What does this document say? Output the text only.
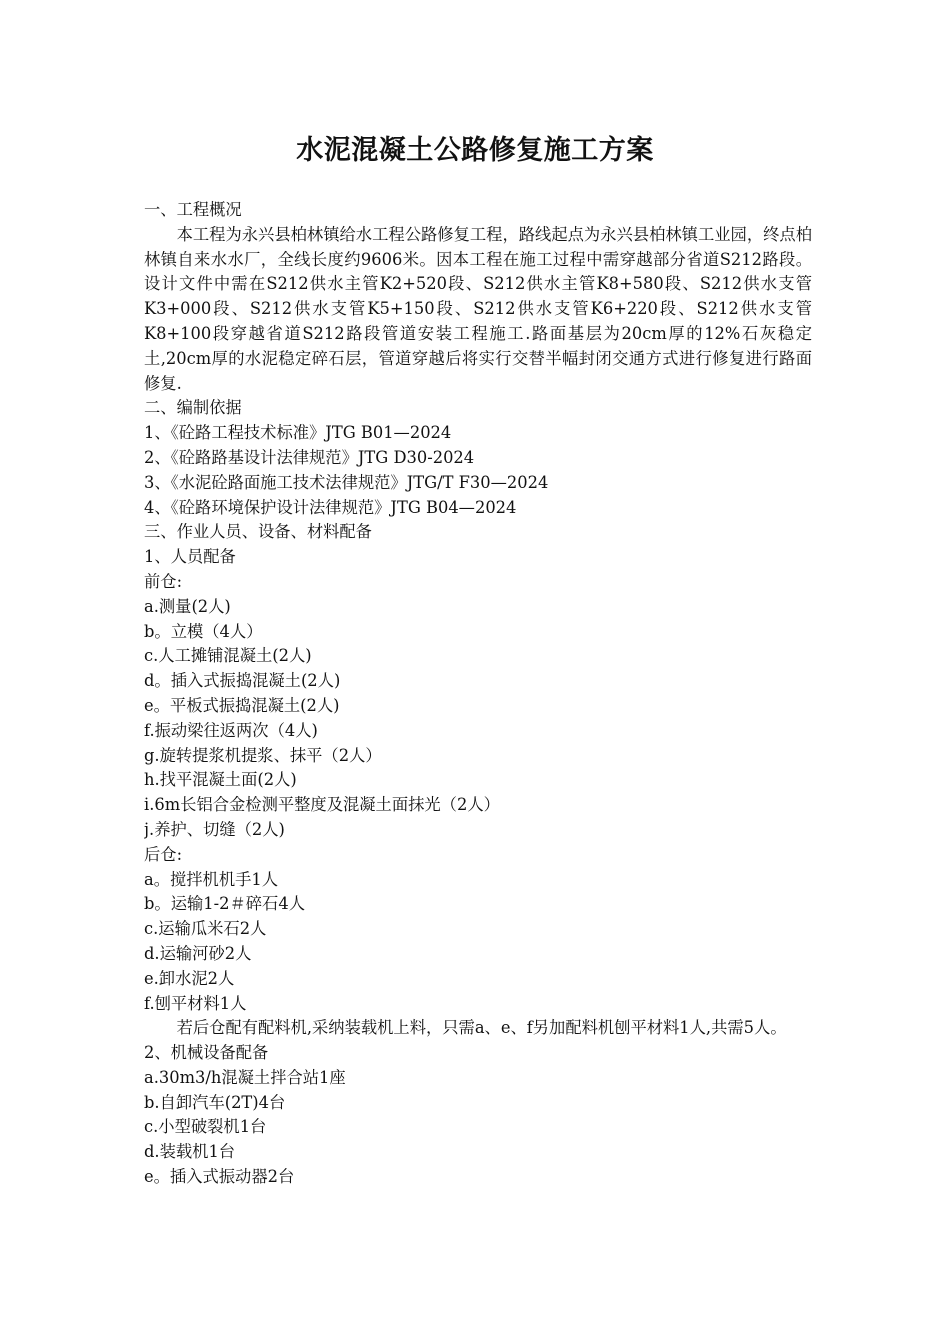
水泥混凝土公路修复施工方案
一、工程概况
本工程为永兴县柏林镇给水工程公路修复工程，路线起点为永兴县柏林镇工业园，终点柏林镇自来水水厂，全线长度约9606米。因本工程在施工过程中需穿越部分省道S212路段。设计文件中需在S212供水主管K2+520段、S212供水主管K8+580段、S212供水支管K3+000段、S212供水支管K5+150段、S212供水支管K6+220段、S212供水支管K8+100段穿越省道S212路段管道安装工程施工.路面基层为20cm厚的12%石灰稳定土,20cm厚的水泥稳定碎石层，管道穿越后将实行交替半幅封闭交通方式进行修复进行路面修复.
二、编制依据
1、《砼路工程技术标准》JTG B01—2024
2、《砼路路基设计法律规范》JTG D30-2024
3、《水泥砼路面施工技术法律规范》JTG/T F30—2024
4、《砼路环境保护设计法律规范》JTG B04—2024
三、作业人员、设备、材料配备
1、人员配备
前仓:
a.测量(2人)
b。立模（4人）
c.人工摊铺混凝土(2人)
d。插入式振捣混凝土(2人)
e。平板式振捣混凝土(2人)
f.振动梁往返两次（4人)
g.旋转提浆机提浆、抹平（2人）
h.找平混凝土面(2人)
i.6m长铝合金检测平整度及混凝土面抹光（2人）
j.养护、切缝（2人)
后仓:
a。搅拌机机手1人
b。运输1-2＃碎石4人
c.运输瓜米石2人
d.运输河砂2人
e.卸水泥2人
f.刨平材料1人
若后仓配有配料机,采纳装载机上料，只需a、e、f另加配料机刨平材料1人,共需5人。
2、机械设备配备
a.30m3/h混凝土拌合站1座
b.自卸汽车(2T)4台
c.小型破裂机1台
d.装载机1台
e。插入式振动器2台
